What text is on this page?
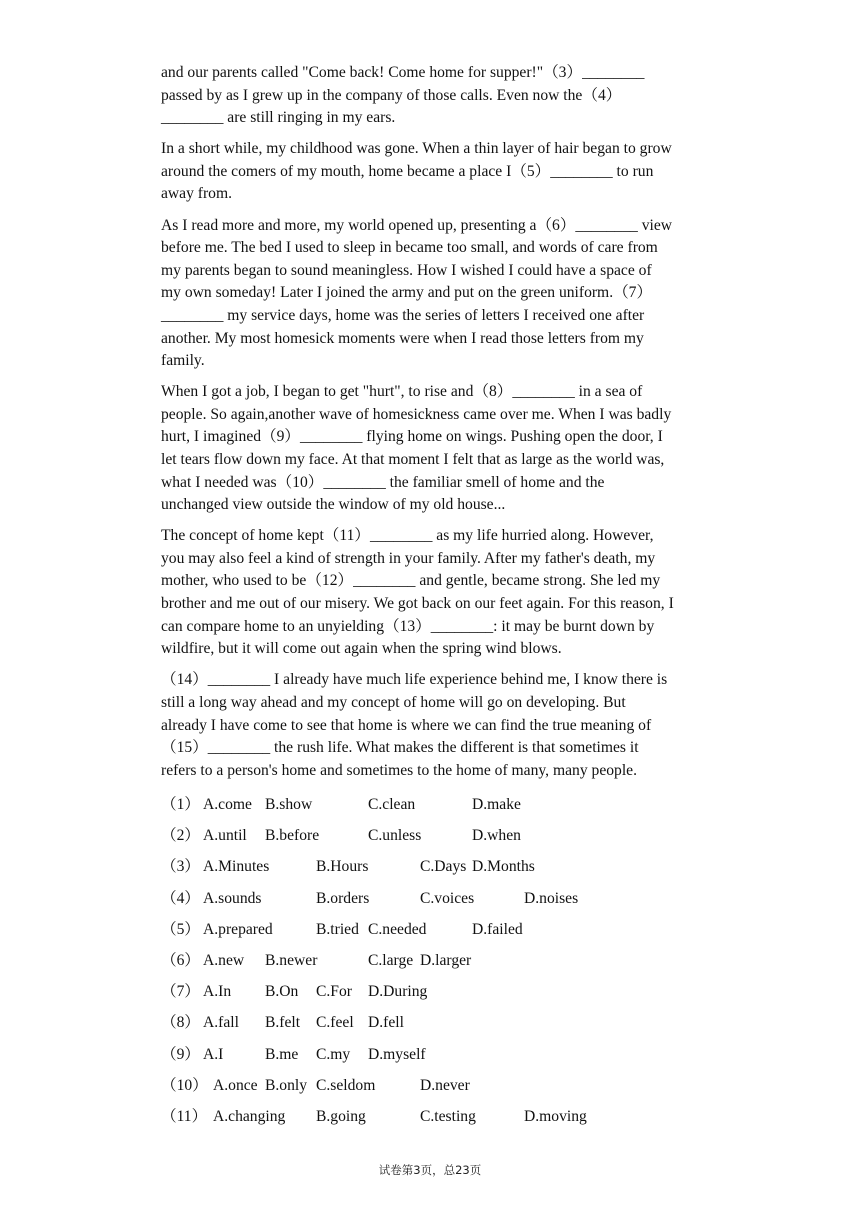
and our parents called "Come back! Come home for supper!"（3）________
passed by as I grew up in the company of those calls. Even now the（4）
________ are still ringing in my ears.

In a short while, my childhood was gone. When a thin layer of hair began to grow
around the comers of my mouth, home became a place I（5）________ to run
away from.

As I read more and more, my world opened up, presenting a（6）________ view
before me. The bed I used to sleep in became too small, and words of care from
my parents began to sound meaningless. How I wished I could have a space of
my own someday! Later I joined the army and put on the green uniform.（7）
________ my service days, home was the series of letters I received one after
another. My most homesick moments were when I read those letters from my
family.

When I got a job, I began to get "hurt", to rise and（8）________ in a sea of
people. So again,another wave of homesickness came over me. When I was badly
hurt, I imagined（9）________ flying home on wings. Pushing open the door, I
let tears flow down my face. At that moment I felt that as large as the world was,
what I needed was（10）________ the familiar smell of home and the
unchanged view outside the window of my old house...

The concept of home kept（11）________ as my life hurried along. However,
you may also feel a kind of strength in your family. After my father's death, my
mother, who used to be（12）________ and gentle, became strong. She led my
brother and me out of our misery. We got back on our feet again. For this reason, I
can compare home to an unyielding（13）________: it may be burnt down by
wildfire, but it will come out again when the spring wind blows.

（14）________ I already have much life experience behind me, I know there is
still a long way ahead and my concept of home will go on developing. But
already I have come to see that home is where we can find the true meaning of
（15）________ the rush life. What makes the different is that sometimes it
refers to a person's home and sometimes to the home of many, many people.

（1） A.come B.show	C.clean	D.make
（2） A.until B.before	C.unless	D.when
（3） A.Minutes	B.Hours	C.Days D.Months
（4） A.sounds	B.orders	C.voices	D.noises
（5） A.prepared	B.tried C.needed	D.failed
（6） A.new B.newer	C.large D.larger
（7） A.In B.On C.For D.During
（8） A.fall B.felt C.feel D.fell
（9） A.I	B.me C.my D.myself
（10） A.once B.only C.seldom	D.never
（11） A.changing B.going	C.testing	D.moving
试卷第3页，总23页
